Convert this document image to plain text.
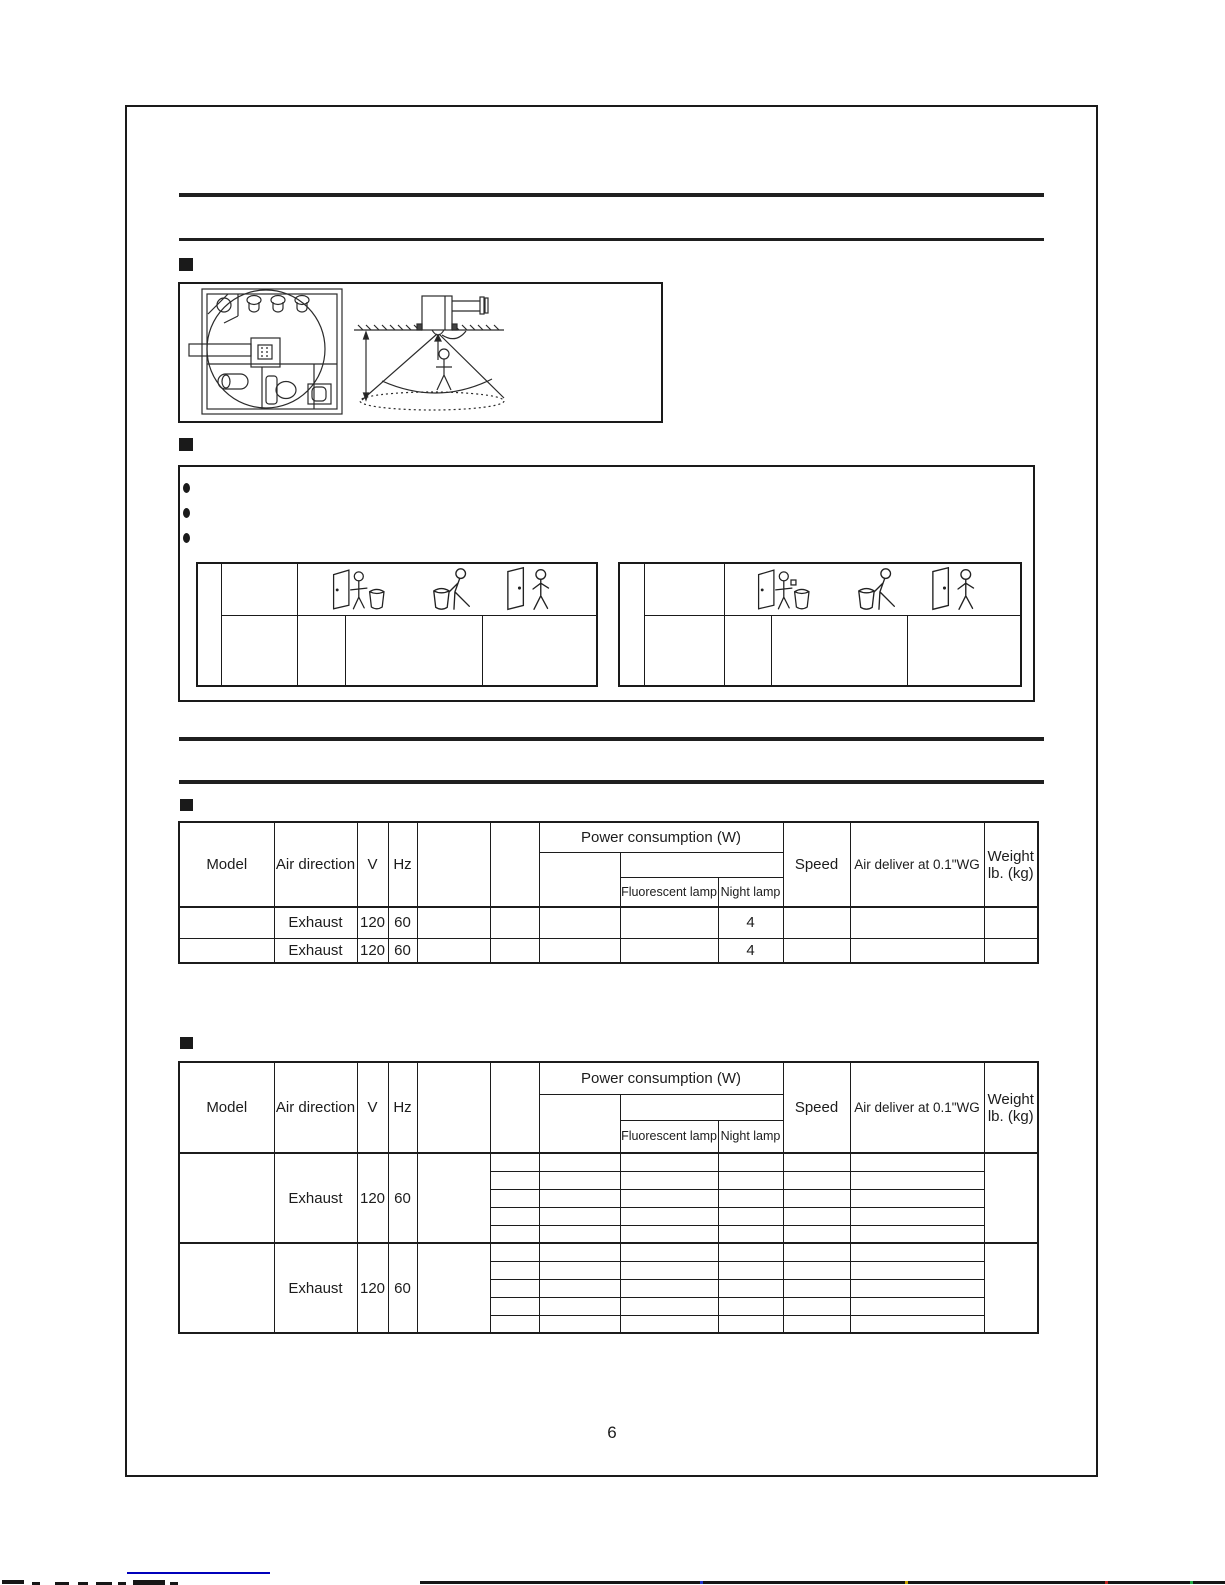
Model	Air direction	V	Hz			Power consumption (W)			Speed	Air deliver at 0.1"WG	Weight
lb. (kg)

							Fluorescent lamp	Night lamp			
	Exhaust	120	60					4			
	Exhaust	120	60					4			
Model	Air direction	V	Hz			Power consumption (W)			Speed	Air deliver at 0.1"WG	Weight
lb. (kg)

							Fluorescent lamp	Night lamp			
	Exhaust	120	60								

	Exhaust	120	60								

6
